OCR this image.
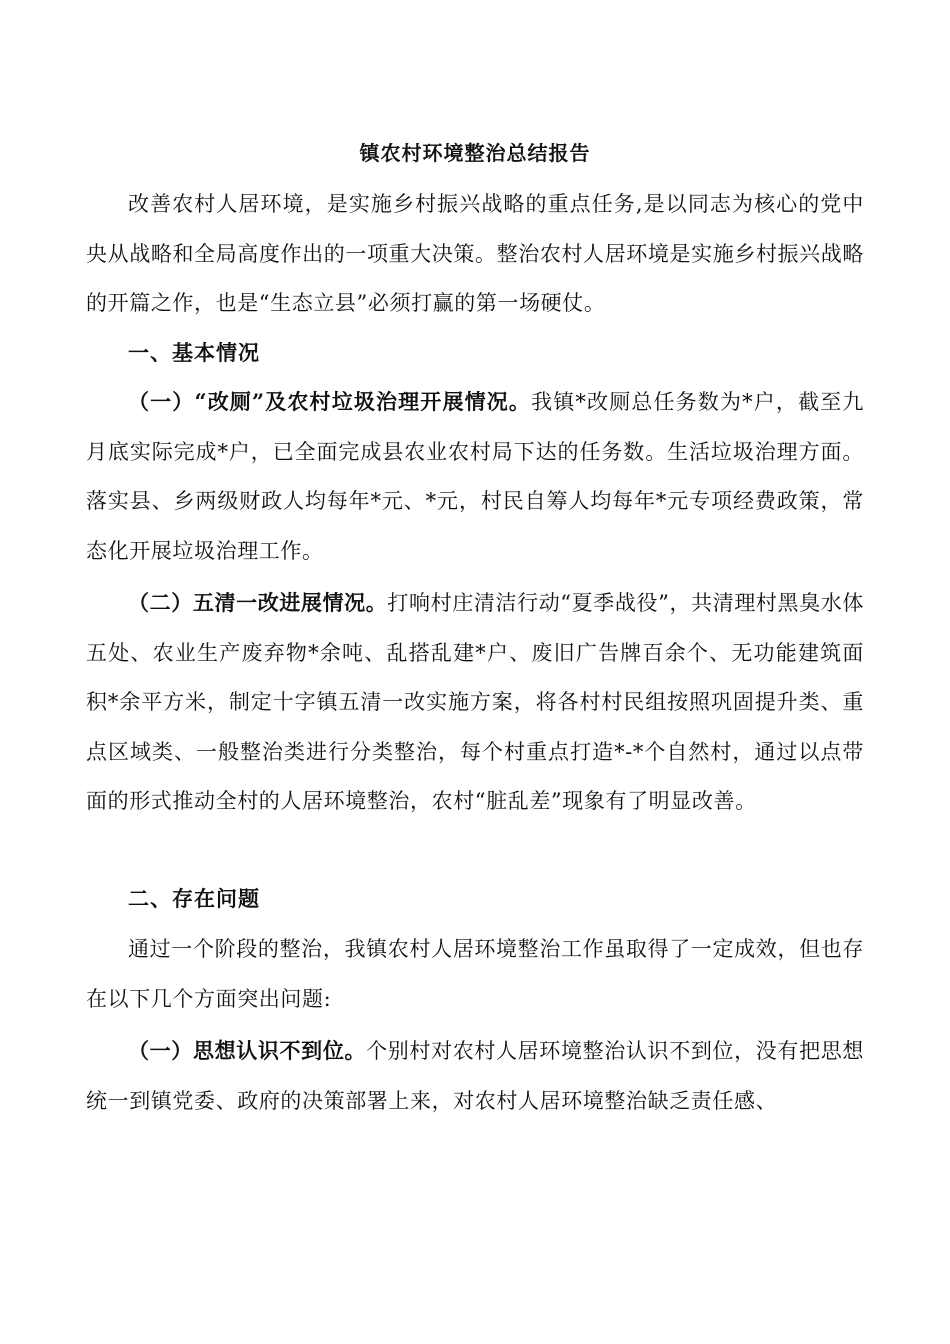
镇农村环境整治总结报告
改善农村人居环境，是实施乡村振兴战略的重点任务,是以同志为核心的党中央从战略和全局高度作出的一项重大决策。整治农村人居环境是实施乡村振兴战略的开篇之作，也是“生态立县”必须打赢的第一场硬仗。
一、基本情况
（一）“改厕”及农村垃圾治理开展情况。我镇*改厕总任务数为*户，截至九月底实际完成*户，已全面完成县农业农村局下达的任务数。生活垃圾治理方面。落实县、乡两级财政人均每年*元、*元，村民自筹人均每年*元专项经费政策，常态化开展垃圾治理工作。
（二）五清一改进展情况。打响村庄清洁行动“夏季战役”，共清理村黑臭水体五处、农业生产废弃物*余吨、乱搭乱建*户、废旧广告牌百余个、无功能建筑面积*余平方米，制定十字镇五清一改实施方案，将各村村民组按照巩固提升类、重点区域类、一般整治类进行分类整治，每个村重点打造*-*个自然村，通过以点带面的形式推动全村的人居环境整治，农村“脏乱差”现象有了明显改善。
二、存在问题
通过一个阶段的整治，我镇农村人居环境整治工作虽取得了一定成效，但也存在以下几个方面突出问题:
（一）思想认识不到位。个别村对农村人居环境整治认识不到位，没有把思想统一到镇党委、政府的决策部署上来，对农村人居环境整治缺乏责任感、
